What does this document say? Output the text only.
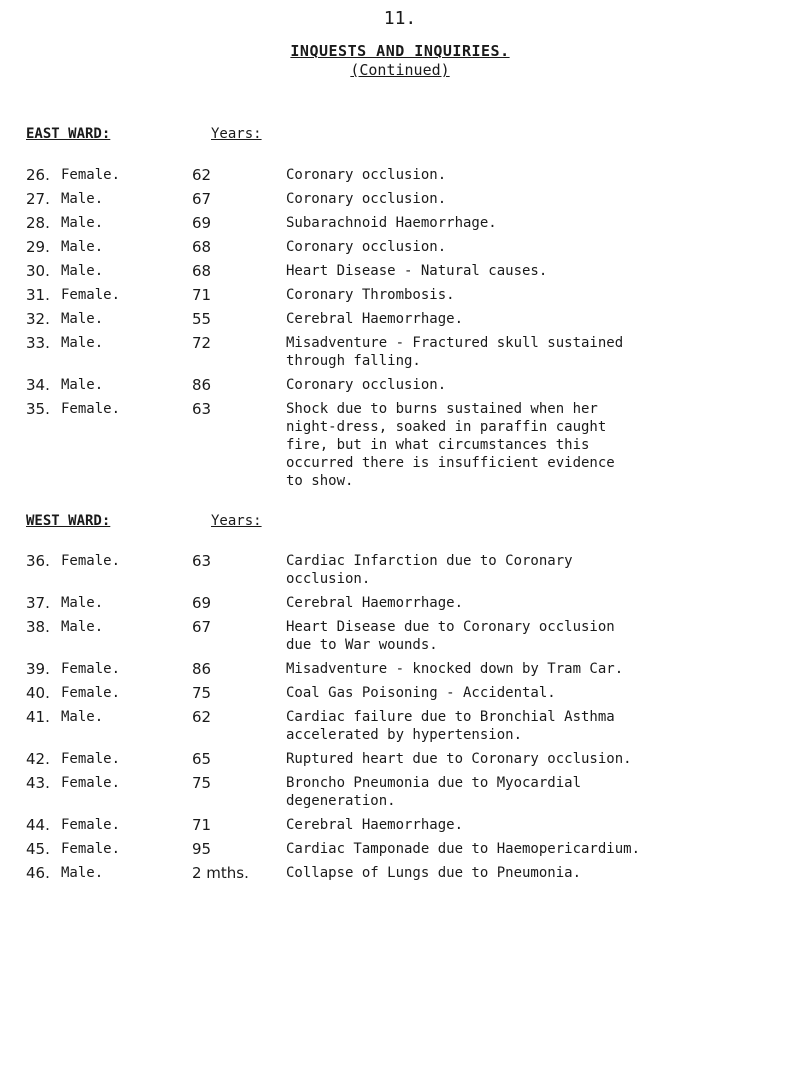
11.
INQUESTS AND INQUIRIES.
(Continued)
EAST WARD:	Years:
26. Female.	62	Coronary occlusion.
27. Male.	67	Coronary occlusion.
28. Male.	69	Subarachnoid Haemorrhage.
29. Male.	68	Coronary occlusion.
30. Male.	68	Heart Disease - Natural causes.
31. Female.	71	Coronary Thrombosis.
32. Male.	55	Cerebral Haemorrhage.
33. Male.	72	Misadventure - Fractured skull sustained
through falling.
34. Male.	86	Coronary occlusion.
35. Female.	63	Shock due to burns sustained when her
night-dress, soaked in paraffin caught
fire, but in what circumstances this
occurred there is insufficient evidence
to show.
WEST WARD:	Years:
36. Female.	63	Cardiac Infarction due to Coronary
occlusion.
37. Male.	69	Cerebral Haemorrhage.
38. Male.	67	Heart Disease due to Coronary occlusion
due to War wounds.
39. Female.	86	Misadventure - knocked down by Tram Car.
40. Female.	75	Coal Gas Poisoning - Accidental.
41. Male.	62	Cardiac failure due to Bronchial Asthma
accelerated by hypertension.
42. Female.	65	Ruptured heart due to Coronary occlusion.
43. Female.	75	Broncho Pneumonia due to Myocardial
degeneration.
44. Female.	71	Cerebral Haemorrhage.
45. Female.	95	Cardiac Tamponade due to Haemopericardium.
46. Male.	2 mths.	Collapse of Lungs due to Pneumonia.
